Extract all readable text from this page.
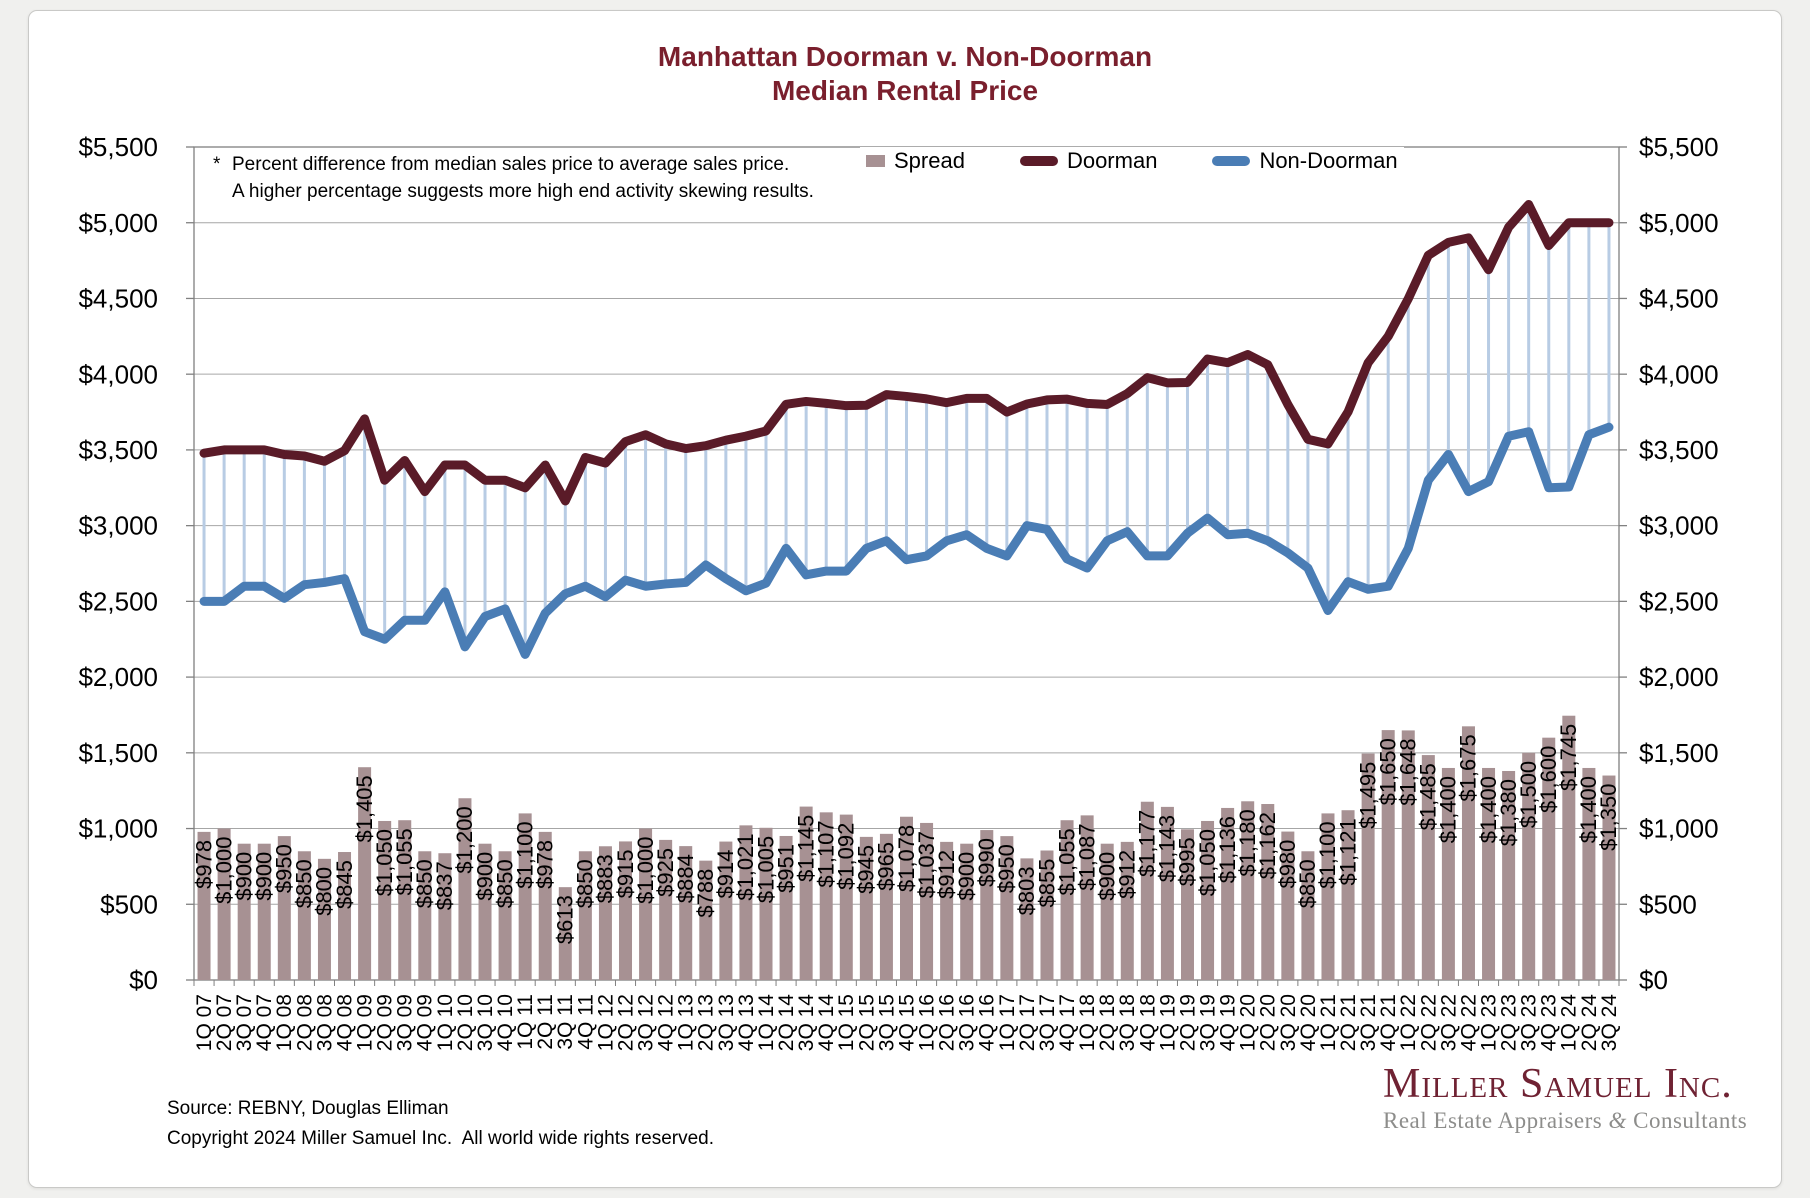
Manhattan Doorman v. Non-Doorman
Median Rental Price
* Percent difference from median sales price to average sales price.
A higher percentage suggests more high end activity skewing results.
Spread	Doorman	Non-Doorman
$0	$0
$500	$500
$1,000	$1,000
$1,500	$1,500
$2,000	$2,000
$2,500	$2,500
$3,000	$3,000
$3,500	$3,500
$4,000	$4,000
$4,500	$4,500
$5,000	$5,000
$5,500	$5,500
$978
$1,000
$900
$900
$950
$850
$800
$845
$1,405
$1,050
$1,055
$850
$837
$1,200
$900
$850
$1,100
$978
$613
$850
$883
$915
$1,000
$925
$884
$788
$914
$1,021
$1,005
$951
$1,145
$1,107
$1,092
$945
$965
$1,078
$1,037
$912
$900
$990
$950
$803
$855
$1,055
$1,087
$900
$912
$1,177
$1,143
$995
$1,050
$1,136
$1,180
$1,162
$980
$850
$1,100
$1,121
$1,495
$1,650
$1,648
$1,485
$1,400
$1,675
$1,400
$1,380
$1,500
$1,600
$1,745
$1,400
$1,350
1Q 07
2Q 07
3Q 07
4Q 07
1Q 08
2Q 08
3Q 08
4Q 08
1Q 09
2Q 09
3Q 09
4Q 09
1Q 10
2Q 10
3Q 10
4Q 10
1Q 11
2Q 11
3Q 11
4Q 11
1Q 12
2Q 12
3Q 12
4Q 12
1Q 13
2Q 13
3Q 13
4Q 13
1Q 14
2Q 14
3Q 14
4Q 14
1Q 15
2Q 15
3Q 15
4Q 15
1Q 16
2Q 16
3Q 16
4Q 16
1Q 17
2Q 17
3Q 17
4Q 17
1Q 18
2Q 18
3Q 18
4Q 18
1Q 19
2Q 19
3Q 19
4Q 19
1Q 20
2Q 20
3Q 20
4Q 20
1Q 21
2Q 21
3Q 21
4Q 21
1Q 22
2Q 22
3Q 22
4Q 22
1Q 23
2Q 23
3Q 23
4Q 23
1Q 24
2Q 24
3Q 24
Source: REBNY, Douglas Elliman
Copyright 2024 Miller Samuel Inc.  All world wide rights reserved.
Miller Samuel Inc.
Real Estate Appraisers & Consultants
